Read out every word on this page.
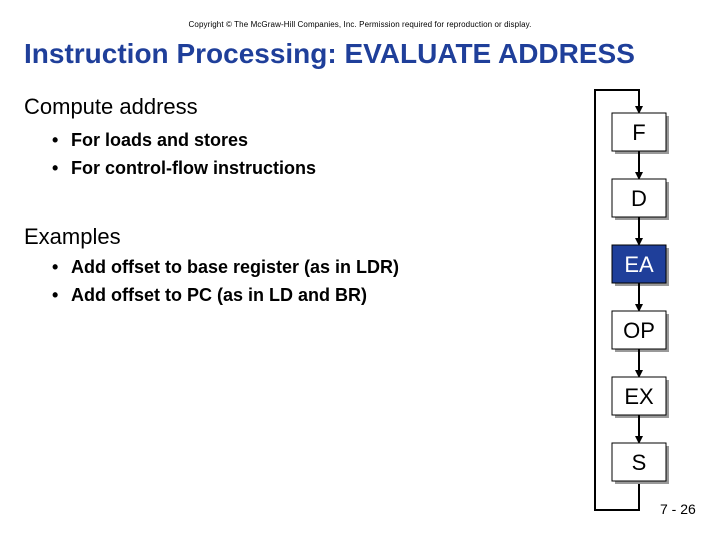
Copyright © The McGraw-Hill Companies, Inc. Permission required for reproduction or display.
Instruction Processing: EVALUATE ADDRESS
Compute address
• For loads and stores
• For control-flow instructions
Examples
• Add offset to base register (as in LDR)
• Add offset to PC (as in LD and BR)
F
D
EA
OP
EX
S
7 - 26
